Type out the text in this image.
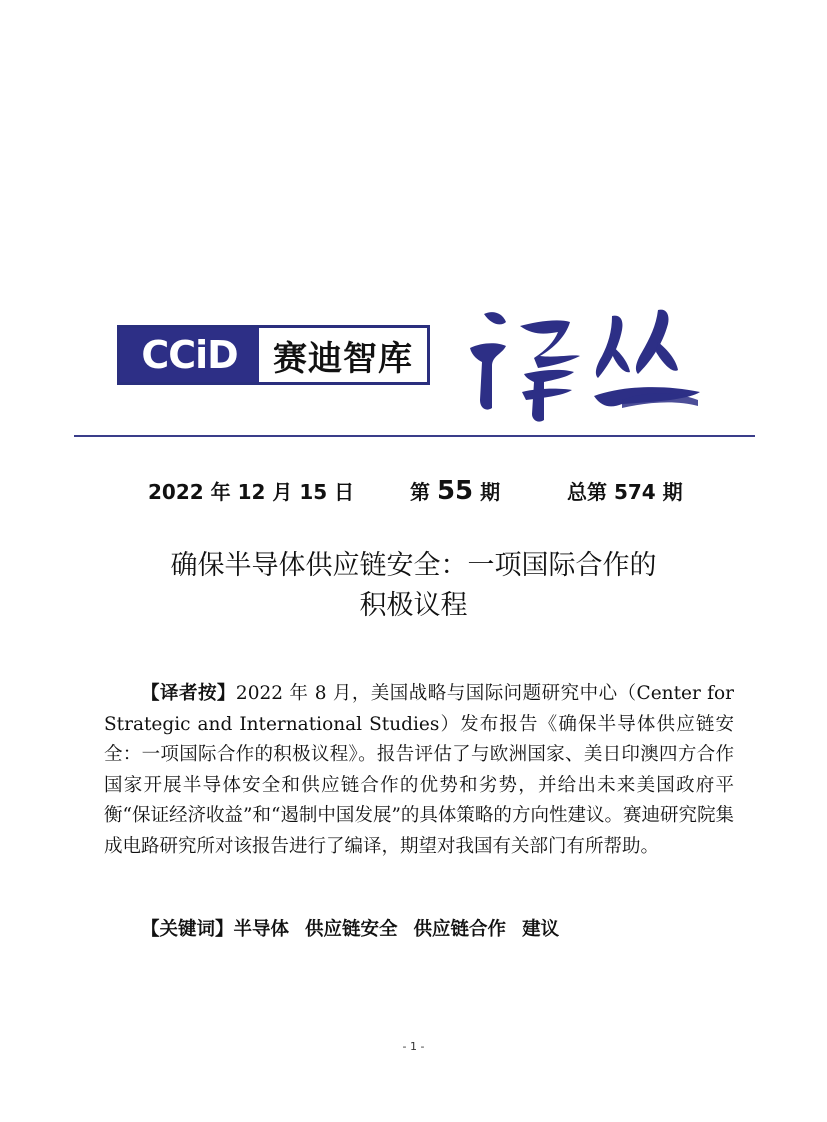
CCiD	赛迪智库
2022 年 12 月 15 日	第 55 期	总第 574 期
确保半导体供应链安全：一项国际合作的
积极议程
【译者按】2022 年 8 月，美国战略与国际问题研究中心（Center for Strategic and International Studies）发布报告《确保半导体供应链安全：一项国际合作的积极议程》。报告评估了与欧洲国家、美日印澳四方合作国家开展半导体安全和供应链合作的优势和劣势，并给出未来美国政府平衡“保证经济收益”和“遏制中国发展”的具体策略的方向性建议。赛迪研究院集成电路研究所对该报告进行了编译，期望对我国有关部门有所帮助。
【关键词】半导体 供应链安全 供应链合作 建议
- 1 -
